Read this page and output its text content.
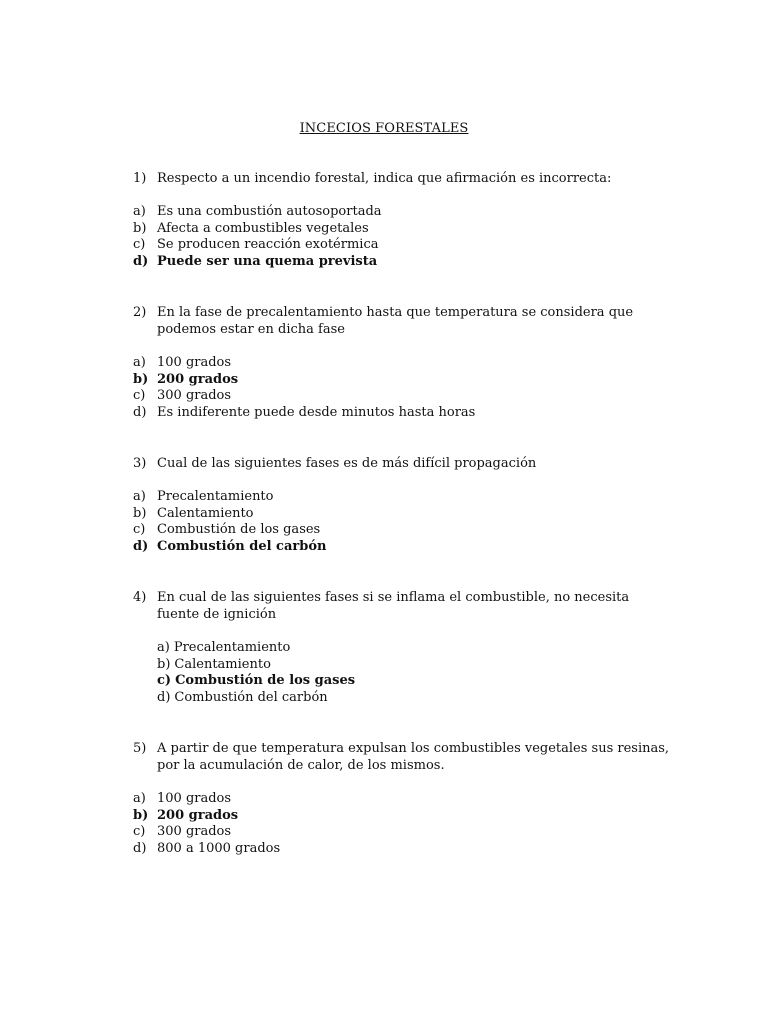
INCECIOS FORESTALES
1) Respecto a un incendio forestal, indica que afirmación es incorrecta:
a) Es una combustión autosoportada
b) Afecta a combustibles vegetales
c) Se producen reacción exotérmica
d) Puede ser una quema prevista
2) En la fase de precalentamiento hasta que temperatura se considera que podemos estar en dicha fase
a) 100 grados
b) 200 grados
c) 300 grados
d) Es indiferente puede desde minutos hasta horas
3) Cual de las siguientes fases es de más difícil propagación
a) Precalentamiento
b) Calentamiento
c) Combustión de los gases
d) Combustión del carbón
4) En cual de las siguientes fases si se inflama el combustible, no necesita fuente de ignición
a) Precalentamiento
b) Calentamiento
c) Combustión de los gases
d) Combustión del carbón
5) A partir de que temperatura expulsan los combustibles vegetales sus resinas, por la acumulación de calor, de los mismos.
a) 100 grados
b) 200 grados
c) 300 grados
d) 800 a 1000 grados
